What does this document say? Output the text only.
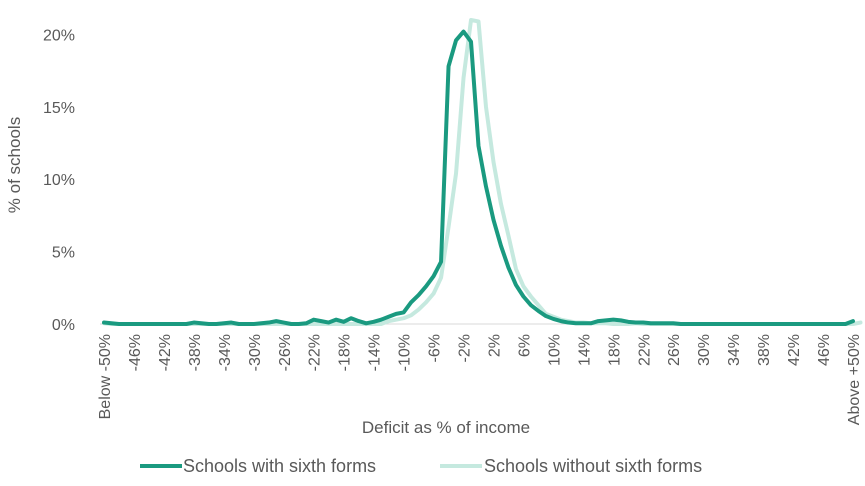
0%
5%
10%
15%
20%
Below -50% -46% -42% -38% -34% -30% -26% -22% -18% -14% -10% -6% -2% 2% 6% 10% 14% 18% 22% 26% 30% 34% 38% 42% 46% Above +50%
% of schools
Deficit as % of income
Schools with sixth forms	Schools without sixth forms
